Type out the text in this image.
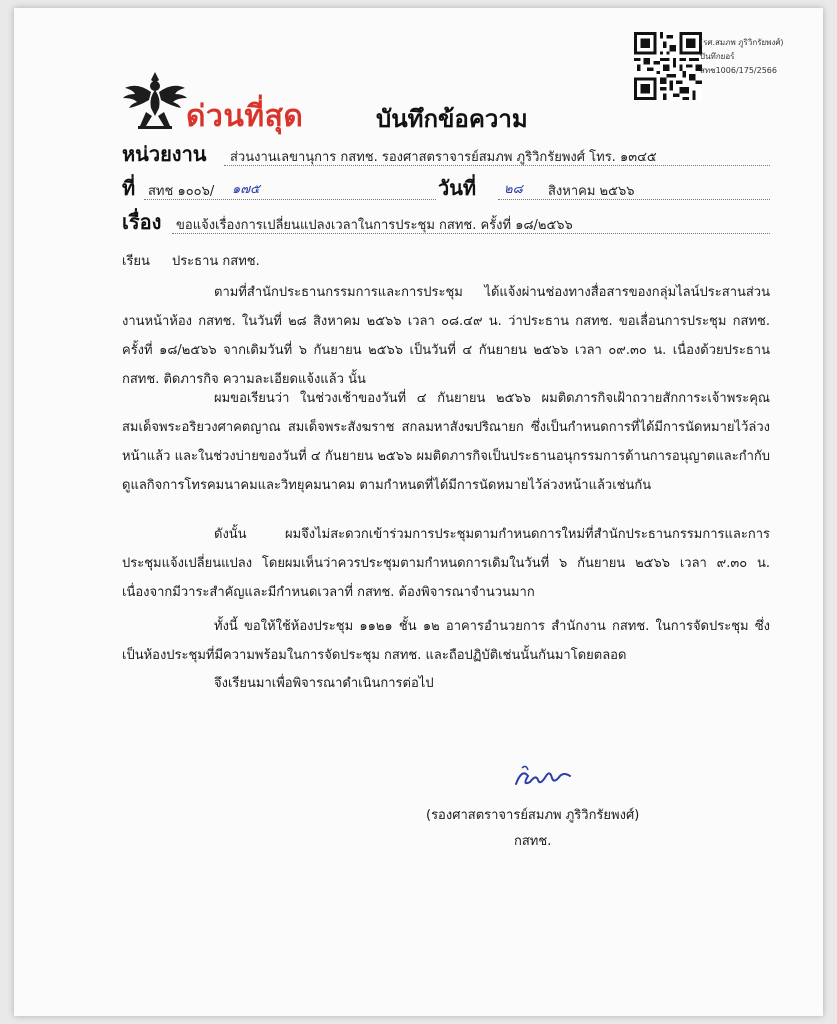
ด่วนที่สุด	บันทึกข้อความ
(รศ.สมภพ ภูริวิกรัยพงศ์)
บันทึกยอร์
สทช1006/175/2566
หน่วยงาน ส่วนงานเลขานุการ กสทช. รองศาสตราจารย์สมภพ ภูริวิกรัยพงศ์ โทร. ๑๓๔๕
ที่ สทช ๑๐๐๖/ ๑๗๕	วันที่ ๒๘ สิงหาคม ๒๕๖๖
เรื่อง ขอแจ้งเรื่องการเปลี่ยนแปลงเวลาในการประชุม กสทช. ครั้งที่ ๑๘/๒๕๖๖
เรียน ประธาน กสทช.
ตามที่สำนักประธานกรรมการและการประชุม ได้แจ้งผ่านช่องทางสื่อสารของกลุ่มไลน์ประสานส่วนงานหน้าห้อง กสทช. ในวันที่ ๒๘ สิงหาคม ๒๕๖๖ เวลา ๐๘.๔๙ น. ว่าประธาน กสทช. ขอเลื่อนการประชุม กสทช. ครั้งที่ ๑๘/๒๕๖๖ จากเดิมวันที่ ๖ กันยายน ๒๕๖๖ เป็นวันที่ ๔ กันยายน ๒๕๖๖ เวลา ๐๙.๓๐ น. เนื่องด้วยประธาน กสทช. ติดภารกิจ ความละเอียดแจ้งแล้ว นั้น
ผมขอเรียนว่า ในช่วงเช้าของวันที่ ๔ กันยายน ๒๕๖๖ ผมติดภารกิจเฝ้าถวายสักการะเจ้าพระคุณ สมเด็จพระอริยวงศาคตญาณ สมเด็จพระสังฆราช สกลมหาสังฆปริณายก ซึ่งเป็นกำหนดการที่ได้มีการนัดหมายไว้ล่วงหน้าแล้ว และในช่วงบ่ายของวันที่ ๔ กันยายน ๒๕๖๖ ผมติดภารกิจเป็นประธานอนุกรรมการด้านการอนุญาตและกำกับดูแลกิจการโทรคมนาคมและวิทยุคมนาคม ตามกำหนดที่ได้มีการนัดหมายไว้ล่วงหน้าแล้วเช่นกัน
ดังนั้น ผมจึงไม่สะดวกเข้าร่วมการประชุมตามกำหนดการใหม่ที่สำนักประธานกรรมการและการประชุมแจ้งเปลี่ยนแปลง โดยผมเห็นว่าควรประชุมตามกำหนดการเดิมในวันที่ ๖ กันยายน ๒๕๖๖ เวลา ๙.๓๐ น. เนื่องจากมีวาระสำคัญและมีกำหนดเวลาที่ กสทช. ต้องพิจารณาจำนวนมาก
ทั้งนี้ ขอให้ใช้ห้องประชุม ๑๑๒๑ ชั้น ๑๒ อาคารอำนวยการ สำนักงาน กสทช. ในการจัดประชุม ซึ่งเป็นห้องประชุมที่มีความพร้อมในการจัดประชุม กสทช. และถือปฏิบัติเช่นนั้นกันมาโดยตลอด
จึงเรียนมาเพื่อพิจารณาดำเนินการต่อไป
(รองศาสตราจารย์สมภพ ภูริวิกรัยพงศ์)
กสทช.
